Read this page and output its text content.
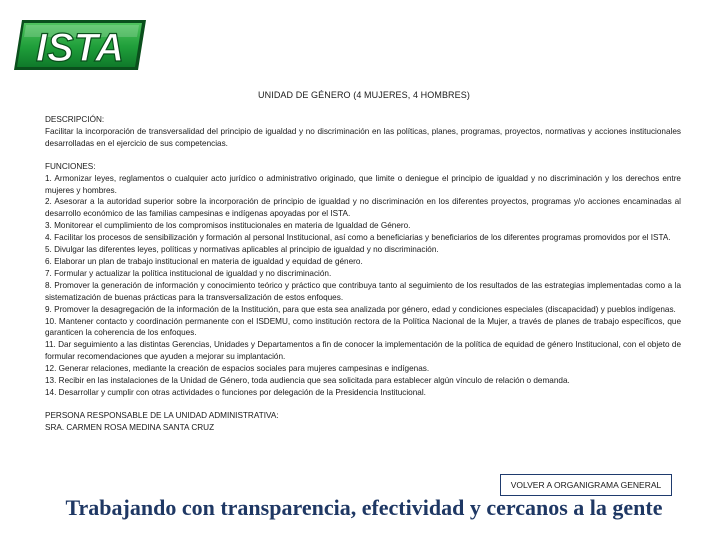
ISTA
UNIDAD DE GÉNERO (4 MUJERES, 4 HOMBRES)

DESCRIPCIÓN:

Facilitar la incorporación de transversalidad del principio de igualdad y no discriminación en las políticas, planes, programas, proyectos, normativas y acciones institucionales desarrolladas en el ejercicio de sus competencias.

FUNCIONES:

1. Armonizar leyes, reglamentos o cualquier acto jurídico o administrativo originado, que limite o deniegue el principio de igualdad y no discriminación y los derechos entre mujeres y hombres.
2. Asesorar a la autoridad superior sobre la incorporación de principio de igualdad y no discriminación en los diferentes proyectos, programas y/o acciones encaminadas al desarrollo económico de las familias campesinas e indígenas apoyadas por el ISTA.
3. Monitorear el cumplimiento de los compromisos institucionales en materia de Igualdad de Género.
4. Facilitar los procesos de sensibilización y formación al personal Institucional, así como a beneficiarias y beneficiarios de los diferentes programas promovidos por el ISTA.
5. Divulgar las diferentes leyes, políticas y normativas aplicables al principio de igualdad y no discriminación.
6. Elaborar un plan de trabajo institucional en materia de igualdad y equidad de género.
7. Formular y actualizar la política institucional de igualdad y no discriminación.
8. Promover la generación de información y conocimiento teórico y práctico que contribuya tanto al seguimiento de los resultados de las estrategias implementadas como a la sistematización de buenas prácticas para la transversalización de estos enfoques.
9. Promover la desagregación de la información de la Institución, para que esta sea analizada por género, edad y condiciones especiales (discapacidad) y pueblos indígenas.
10. Mantener contacto y coordinación permanente con el ISDEMU, como institución rectora de la Política Nacional de la Mujer, a través de planes de trabajo específicos, que garanticen la coherencia de los enfoques.
11. Dar seguimiento a las distintas Gerencias, Unidades y Departamentos a fin de conocer la implementación de la política de equidad de género Institucional, con el objeto de formular recomendaciones que ayuden a mejorar su implantación.
12. Generar relaciones, mediante la creación de espacios sociales para mujeres campesinas e indígenas.
13. Recibir en las instalaciones de la Unidad de Género, toda audiencia que sea solicitada para establecer algún vínculo de relación o demanda.
14. Desarrollar y cumplir con otras actividades o funciones por delegación de la Presidencia Institucional.

PERSONA RESPONSABLE DE LA UNIDAD ADMINISTRATIVA:

SRA. CARMEN ROSA MEDINA SANTA CRUZ

VOLVER A ORGANIGRAMA GENERAL
Trabajando con transparencia, efectividad y cercanos a la gente
